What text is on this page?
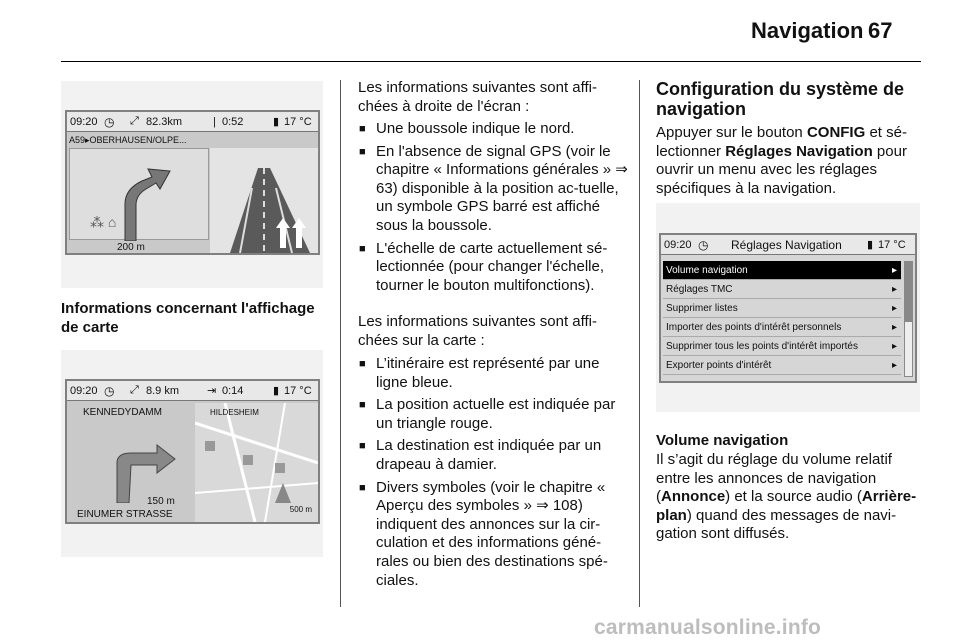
Navigation 67
09:20 ◷ ⤢ 82.3km	| 0:52	▮ 17 °C
A59▸OBERHAUSEN/OLPE...
⁂ ⌂
200 m
Informations concernant l'affichage de carte
09:20 ◷ ⤢ 8.9 km	⇥ 0:14	▮ 17 °C
KENNEDYDAMM
150 m
EINUMER STRASSE
HILDESHEIM
500 m
Les informations suivantes sont affi-chées à droite de l'écran :
■ Une boussole indique le nord.
■ En l'absence de signal GPS (voir le chapitre « Informations générales » ⇒ 63) disponible à la position ac-tuelle, un symbole GPS barré est affiché sous la boussole.
■ L'échelle de carte actuellement sé-lectionnée (pour changer l'échelle, tourner le bouton multifonctions).
Les informations suivantes sont affi-chées sur la carte :
■ L’itinéraire est représenté par une ligne bleue.
■ La position actuelle est indiquée par un triangle rouge.
■ La destination est indiquée par un drapeau à damier.
■ Divers symboles (voir le chapitre « Aperçu des symboles » ⇒ 108) indiquent des annonces sur la cir-culation et des informations géné-rales ou bien des destinations spé-ciales.
Configuration du système de navigation
Appuyer sur le bouton CONFIG et sé-lectionner Réglages Navigation pour ouvrir un menu avec les réglages spécifiques à la navigation.
09:20 ◷ Réglages Navigation ▮ 17 °C
Volume navigation	▸
Réglages TMC	▸
Supprimer listes	▸
Importer des points d'intérêt personnels	▸
Supprimer tous les points d'intérêt importés	▸
Exporter points d'intérêt	▸
Volume navigation
Il s’agit du réglage du volume relatif entre les annonces de navigation (Annonce) et la source audio (Arrière-plan) quand des messages de navi-gation sont diffusés.
carmanualsonline.info
